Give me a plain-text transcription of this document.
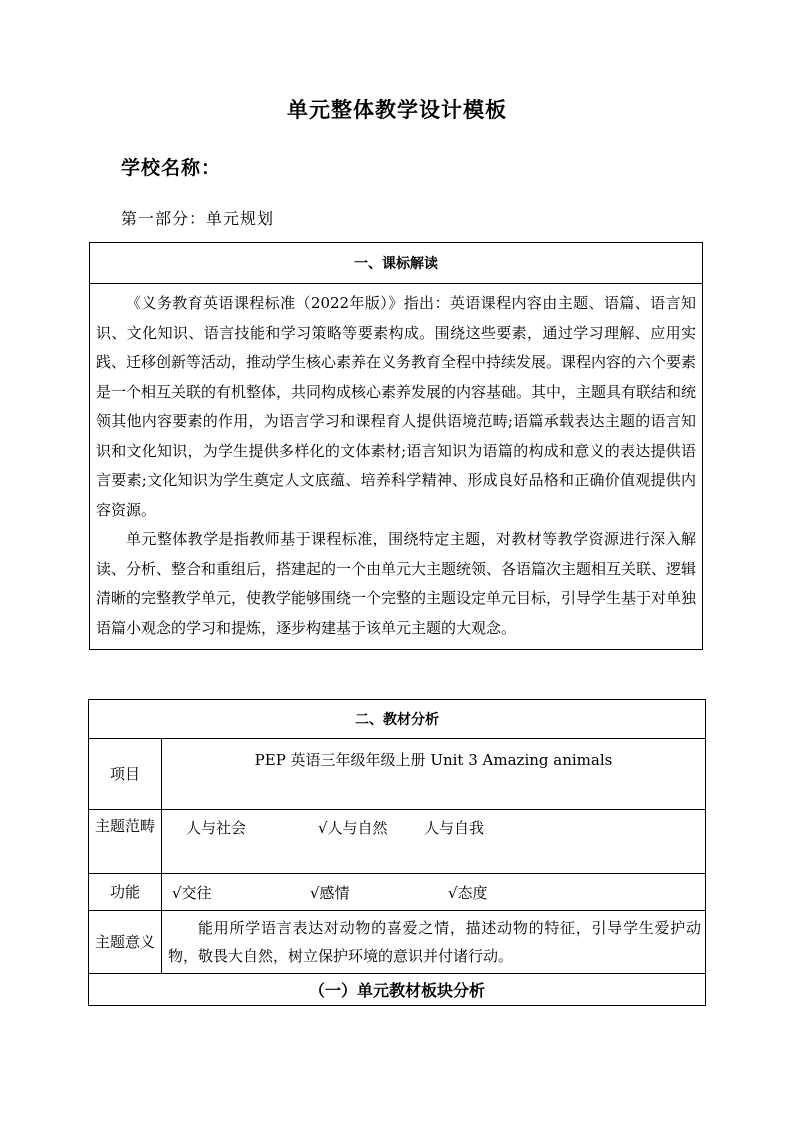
单元整体教学设计模板
学校名称：
第一部分：单元规划
一、课标解读

《义务教育英语课程标准（2022年版）》指出：英语课程内容由主题、语篇、语言知识、文化知识、语言技能和学习策略等要素构成。围绕这些要素，通过学习理解、应用实践、迁移创新等活动，推动学生核心素养在义务教育全程中持续发展。课程内容的六个要素是一个相互关联的有机整体，共同构成核心素养发展的内容基础。其中，主题具有联结和统领其他内容要素的作用，为语言学习和课程育人提供语境范畴;语篇承载表达主题的语言知识和文化知识，为学生提供多样化的文体素材;语言知识为语篇的构成和意义的表达提供语言要素;文化知识为学生奠定人文底蕴、培养科学精神、形成良好品格和正确价值观提供内容资源。

单元整体教学是指教师基于课程标准，围绕特定主题，对教材等教学资源进行深入解读、分析、整合和重组后，搭建起的一个由单元大主题统领、各语篇次主题相互关联、逻辑清晰的完整教学单元，使教学能够围绕一个完整的主题设定单元目标，引导学生基于对单独语篇小观念的学习和提炼，逐步构建基于该单元主题的大观念。

二、教材分析	
项目	PEP 英语三年级年级上册 Unit 3 Amazing animals
主题范畴	人与社会 √人与自然 人与自我
功能	√交往 √感情 √态度
主题意义	能用所学语言表达对动物的喜爱之情，描述动物的特征，引导学生爱护动物，敬畏大自然，树立保护环境的意识并付诸行动。

（一）单元教材板块分析	
